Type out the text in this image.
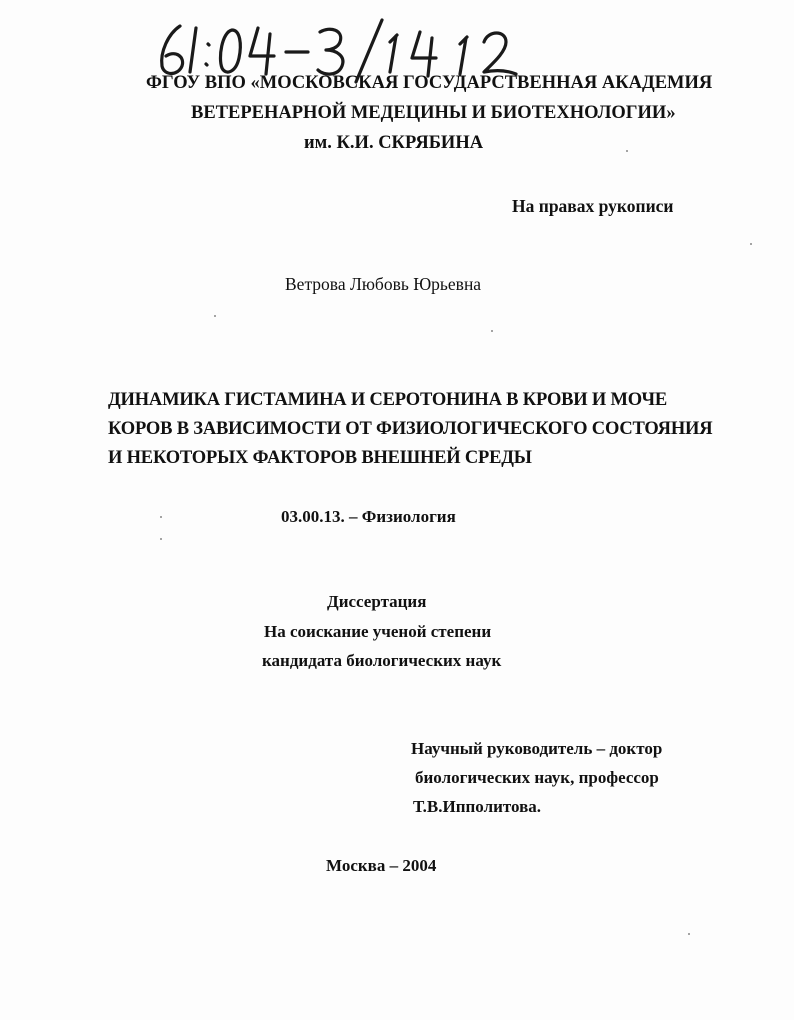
61:04-3/1412
ФГОУ ВПО «МОСКОВСКАЯ ГОСУДАРСТВЕННАЯ АКАДЕМИЯ
ВЕТЕРЕНАРНОЙ МЕДЕЦИНЫ И БИОТЕХНОЛОГИИ»
им. К.И. СКРЯБИНА
На правах рукописи
Ветрова Любовь Юрьевна
ДИНАМИКА ГИСТАМИНА И СЕРОТОНИНА В КРОВИ И МОЧЕ
КОРОВ В ЗАВИСИМОСТИ ОТ ФИЗИОЛОГИЧЕСКОГО СОСТОЯНИЯ
И НЕКОТОРЫХ ФАКТОРОВ ВНЕШНЕЙ СРЕДЫ
03.00.13. – Физиология
Диссертация
На соискание ученой степени
кандидата биологических наук
Научный руководитель – доктор
биологических наук, профессор
Т.В.Ипполитова.
Москва – 2004
